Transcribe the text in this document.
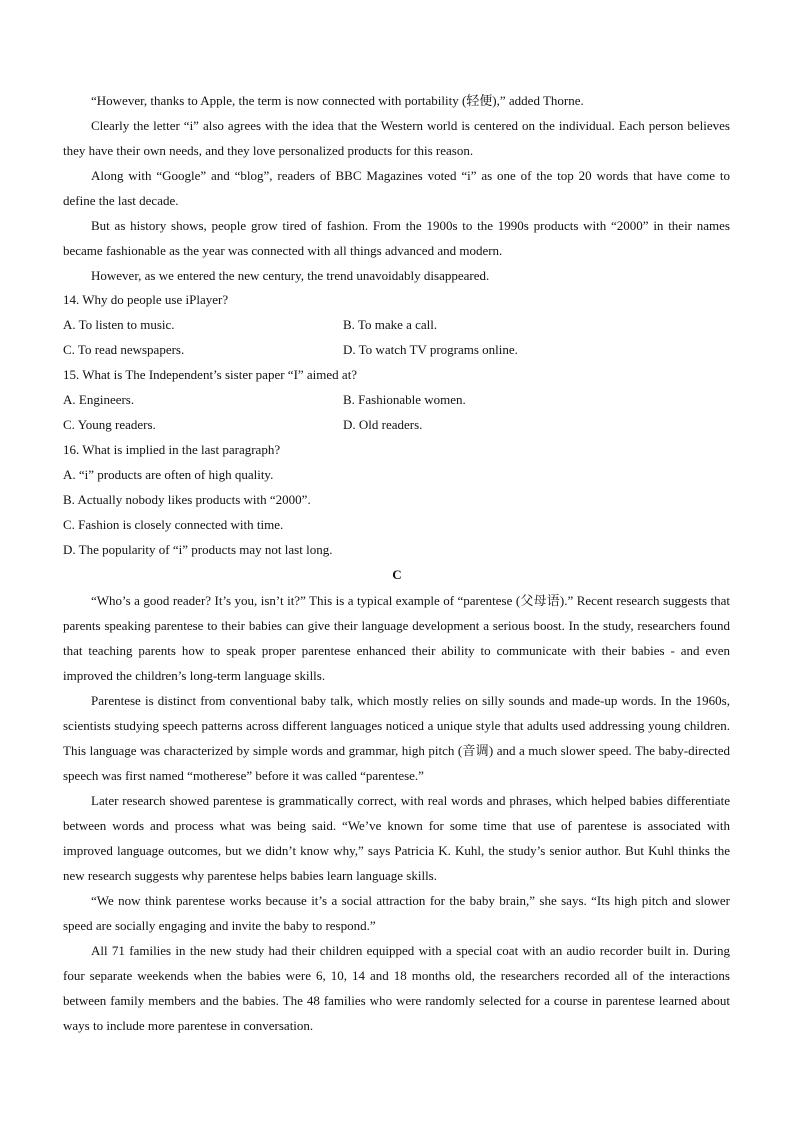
“However, thanks to Apple, the term is now connected with portability (轻便),” added Thorne.

Clearly the letter “i” also agrees with the idea that the Western world is centered on the individual. Each person believes they have their own needs, and they love personalized products for this reason.

Along with “Google” and “blog”, readers of BBC Magazines voted “i” as one of the top 20 words that have come to define the last decade.

But as history shows, people grow tired of fashion. From the 1900s to the 1990s products with “2000” in their names became fashionable as the year was connected with all things advanced and modern.

However, as we entered the new century, the trend unavoidably disappeared.

14. Why do people use iPlayer?
A. To listen to music.	B. To make a call.
C. To read newspapers.	D. To watch TV programs online.
15. What is The Independent’s sister paper “I” aimed at?
A. Engineers.	B. Fashionable women.
C. Young readers.	D. Old readers.
16. What is implied in the last paragraph?
A. “i” products are often of high quality.
B. Actually nobody likes products with “2000”.
C. Fashion is closely connected with time.
D. The popularity of “i” products may not last long.
C

“Who’s a good reader? It’s you, isn’t it?” This is a typical example of “parentese (父母语).” Recent research suggests that parents speaking parentese to their babies can give their language development a serious boost. In the study, researchers found that teaching parents how to speak proper parentese enhanced their ability to communicate with their babies - and even improved the children’s long-term language skills.

Parentese is distinct from conventional baby talk, which mostly relies on silly sounds and made-up words. In the 1960s, scientists studying speech patterns across different languages noticed a unique style that adults used addressing young children. This language was characterized by simple words and grammar, high pitch (音调) and a much slower speed. The baby-directed speech was first named “motherese” before it was called “parentese.”

Later research showed parentese is grammatically correct, with real words and phrases, which helped babies differentiate between words and process what was being said. “We’ve known for some time that use of parentese is associated with improved language outcomes, but we didn’t know why,” says Patricia K. Kuhl, the study’s senior author. But Kuhl thinks the new research suggests why parentese helps babies learn language skills.

“We now think parentese works because it’s a social attraction for the baby brain,” she says. “Its high pitch and slower speed are socially engaging and invite the baby to respond.”

All 71 families in the new study had their children equipped with a special coat with an audio recorder built in. During four separate weekends when the babies were 6, 10, 14 and 18 months old, the researchers recorded all of the interactions between family members and the babies. The 48 families who were randomly selected for a course in parentese learned about ways to include more parentese in conversation.
